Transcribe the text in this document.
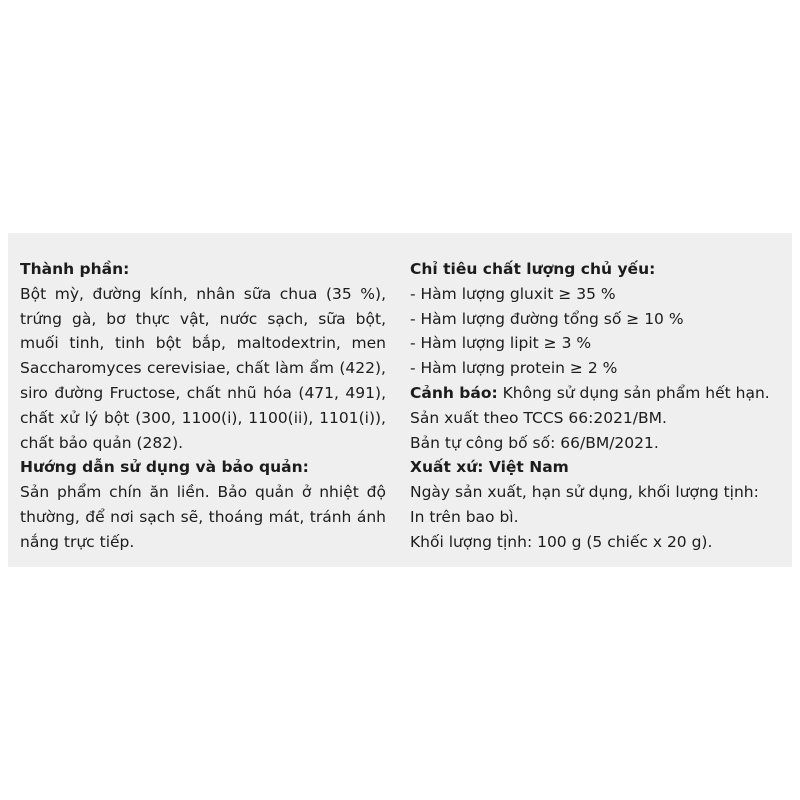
Thành phần:
Bột mỳ, đường kính, nhân sữa chua (35 %), trứng gà, bơ thực vật, nước sạch, sữa bột, muối tinh, tinh bột bắp, maltodextrin, men Saccharomyces cerevisiae, chất làm ẩm (422), siro đường Fructose, chất nhũ hóa (471, 491), chất xử lý bột (300, 1100(i), 1100(ii), 1101(i)), chất bảo quản (282).
Hướng dẫn sử dụng và bảo quản:
Sản phẩm chín ăn liền. Bảo quản ở nhiệt độ thường, để nơi sạch sẽ, thoáng mát, tránh ánh nắng trực tiếp.
Chỉ tiêu chất lượng chủ yếu:
- Hàm lượng gluxit ≥ 35 %
- Hàm lượng đường tổng số ≥ 10 %
- Hàm lượng lipit ≥ 3 %
- Hàm lượng protein ≥ 2 %
Cảnh báo: Không sử dụng sản phẩm hết hạn.
Sản xuất theo TCCS 66:2021/BM.
Bản tự công bố số: 66/BM/2021.
Xuất xứ: Việt Nam
Ngày sản xuất, hạn sử dụng, khối lượng tịnh:
In trên bao bì.
Khối lượng tịnh: 100 g (5 chiếc x 20 g).
